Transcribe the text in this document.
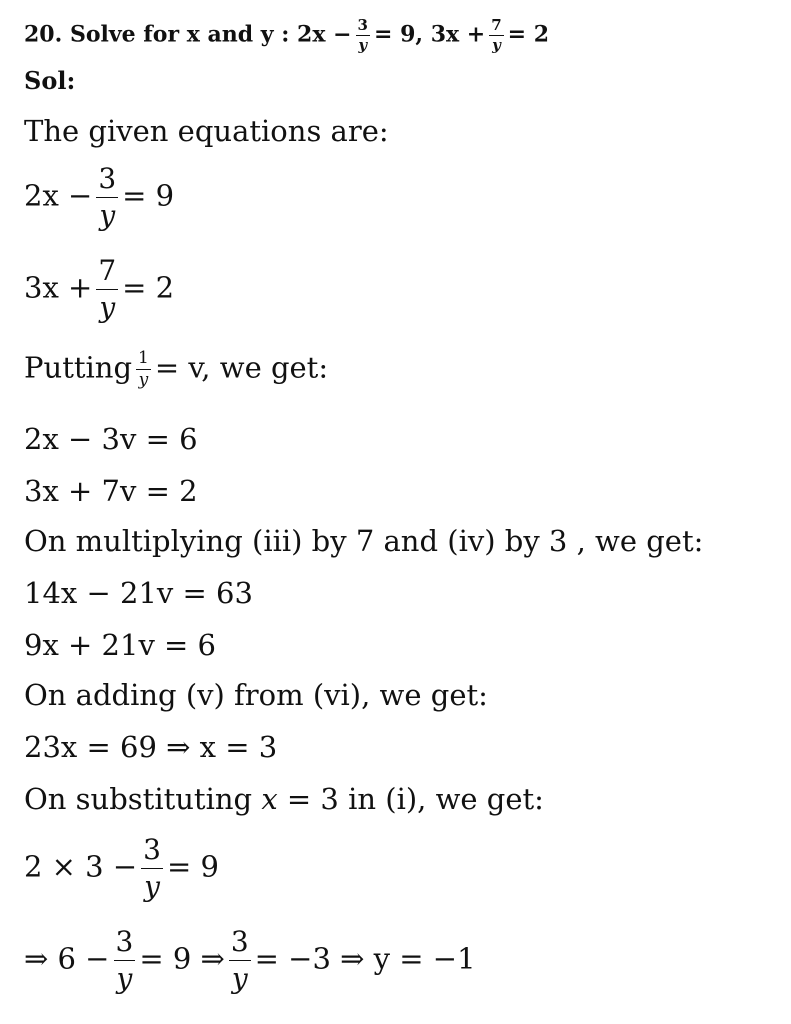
20. Solve for x and y : $2x - \frac{3}{y} = 9$, $3x + \frac{7}{y} = 2$
Sol:
The given equations are:
$2x - \frac{3}{y} = 9$
$3x + \frac{7}{y} = 2$
Putting $\frac{1}{y} = v$, we get:
2x − 3v = 6
3x + 7v = 2
On multiplying (iii) by 7 and (iv) by 3 , we get:
14x − 21v = 63
9x + 21v = 6
On adding (v) from (vi), we get:
23x = 69 ⇒ x = 3
On substituting x = 3 in (i), we get:
$2 \times 3 - \frac{3}{y} = 9$
⇒ $6 - \frac{3}{y} = 9$ ⇒ $\frac{3}{y} = -3$ ⇒ y = −1
